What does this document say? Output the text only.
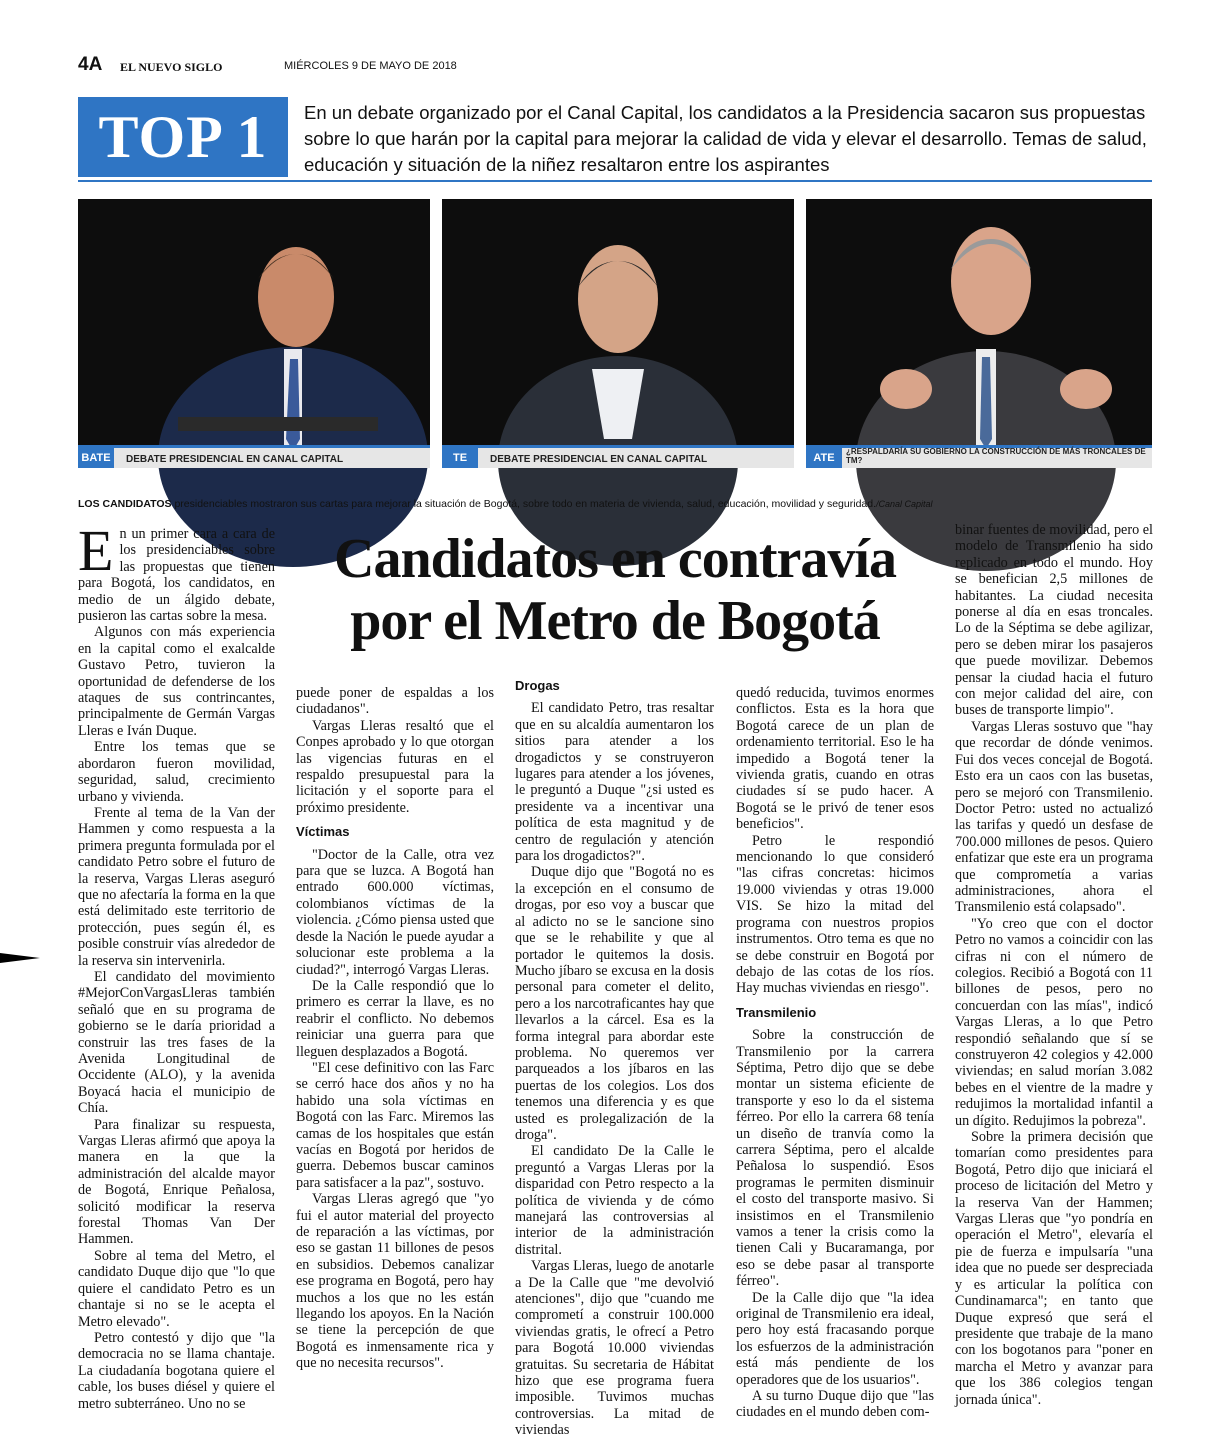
4A EL NUEVO SIGLO	MIÉRCOLES 9 DE MAYO DE 2018
TOP 1	En un debate organizado por el Canal Capital, los candidatos a la Presidencia sacaron sus propuestas sobre lo que harán por la capital para mejorar la calidad de vida y elevar el desarrollo. Temas de salud, educación y situación de la niñez resaltaron entre los aspirantes
BATE CAPITAL
DEBATE PRESIDENCIAL EN CANAL CAPITAL	TE PITAL
DEBATE PRESIDENCIAL EN CANAL CAPITAL	ATE APITAL
¿RESPALDARÍA SU GOBIERNO LA CONSTRUCCIÓN DE MÁS TRONCALES DE TM?
LOS CANDIDATOS presidenciables mostraron sus cartas para mejorar la situación de Bogotá, sobre todo en materia de vivienda, salud, educación, movilidad y seguridad./Canal Capital
Candidatos en contravía por el Metro de Bogotá

En un primer cara a cara de los presidenciables sobre las propuestas que tienen para Bogotá, los candidatos, en medio de un álgido debate, pusieron las cartas sobre la mesa.

Algunos con más experiencia en la capital como el exalcalde Gustavo Petro, tuvieron la oportunidad de defenderse de los ataques de sus contrincantes, principalmente de Germán Vargas Lleras e Iván Duque.

Entre los temas que se abordaron fueron movilidad, seguridad, salud, crecimiento urbano y vivienda.

Frente al tema de la Van der Hammen y como respuesta a la primera pregunta formulada por el candidato Petro sobre el futuro de la reserva, Vargas Lleras aseguró que no afectaría la forma en la que está delimitado este territorio de protección, pues según él, es posible construir vías alrededor de la reserva sin intervenirla.

El candidato del movimiento #MejorConVargasLleras también señaló que en su programa de gobierno se le daría prioridad a construir las tres fases de la Avenida Longitudinal de Occidente (ALO), y la avenida Boyacá hacia el municipio de Chía.

Para finalizar su respuesta, Vargas Lleras afirmó que apoya la manera en la que la administración del alcalde mayor de Bogotá, Enrique Peñalosa, solicitó modificar la reserva forestal Thomas Van Der Hammen.

Sobre al tema del Metro, el candidato Duque dijo que "lo que quiere el candidato Petro es un chantaje si no se le acepta el Metro elevado".

Petro contestó y dijo que "la democracia no se llama chantaje. La ciudadanía bogotana quiere el cable, los buses diésel y quiere el metro subterráneo. Uno no se

puede poner de espaldas a los ciudadanos".

Vargas Lleras resaltó que el Conpes aprobado y lo que otorgan las vigencias futuras en el respaldo presupuestal para la licitación y el soporte para el próximo presidente.

Víctimas

"Doctor de la Calle, otra vez para que se luzca. A Bogotá han entrado 600.000 víctimas, colombianos víctimas de la violencia. ¿Cómo piensa usted que desde la Nación le puede ayudar a solucionar este problema a la ciudad?", interrogó Vargas Lleras.

De la Calle respondió que lo primero es cerrar la llave, es no reabrir el conflicto. No debemos reiniciar una guerra para que lleguen desplazados a Bogotá.

"El cese definitivo con las Farc se cerró hace dos años y no ha habido una sola víctimas en Bogotá con las Farc. Miremos las camas de los hospitales que están vacías en Bogotá por heridos de guerra. Debemos buscar caminos para satisfacer a la paz", sostuvo.

Vargas Lleras agregó que "yo fui el autor material del proyecto de reparación a las víctimas, por eso se gastan 11 billones de pesos en subsidios. Debemos canalizar ese programa en Bogotá, pero hay muchos a los que no les están llegando los apoyos. En la Nación se tiene la percepción de que Bogotá es inmensamente rica y que no necesita recursos".

Drogas

El candidato Petro, tras resaltar que en su alcaldía aumentaron los sitios para atender a los drogadictos y se construyeron lugares para atender a los jóvenes, le preguntó a Duque "¿si usted es presidente va a incentivar una política de esta magnitud y de centro de regulación y atención para los drogadictos?".

Duque dijo que "Bogotá no es la excepción en el consumo de drogas, por eso voy a buscar que al adicto no se le sancione sino que se le rehabilite y que al portador le quitemos la dosis. Mucho jíbaro se excusa en la dosis personal para cometer el delito, pero a los narcotraficantes hay que llevarlos a la cárcel. Esa es la forma integral para abordar este problema. No queremos ver parqueados a los jíbaros en las puertas de los colegios. Los dos tenemos una diferencia y es que usted es prolegalización de la droga".

El candidato De la Calle le preguntó a Vargas Lleras por la disparidad con Petro respecto a la política de vivienda y de cómo manejará las controversias al interior de la administración distrital.

Vargas Lleras, luego de anotarle a De la Calle que "me devolvió atenciones", dijo que "cuando me comprometí a construir 100.000 viviendas gratis, le ofrecí a Petro para Bogotá 10.000 viviendas gratuitas. Su secretaria de Hábitat hizo que ese programa fuera imposible. Tuvimos muchas controversias. La mitad de viviendas

quedó reducida, tuvimos enormes conflictos. Esta es la hora que Bogotá carece de un plan de ordenamiento territorial. Eso le ha impedido a Bogotá tener la vivienda gratis, cuando en otras ciudades sí se pudo hacer. A Bogotá se le privó de tener esos beneficios".

Petro le respondió mencionando lo que consideró "las cifras concretas: hicimos 19.000 viviendas y otras 19.000 VIS. Se hizo la mitad del programa con nuestros propios instrumentos. Otro tema es que no se debe construir en Bogotá por debajo de las cotas de los ríos. Hay muchas viviendas en riesgo".

Transmilenio

Sobre la construcción de Transmilenio por la carrera Séptima, Petro dijo que se debe montar un sistema eficiente de transporte y eso lo da el sistema férreo. Por ello la carrera 68 tenía un diseño de tranvía como la carrera Séptima, pero el alcalde Peñalosa lo suspendió. Esos programas le permiten disminuir el costo del transporte masivo. Si insistimos en el Transmilenio vamos a tener la crisis como la tienen Cali y Bucaramanga, por eso se debe pasar al transporte férreo".

De la Calle dijo que "la idea original de Transmilenio era ideal, pero hoy está fracasando porque los esfuerzos de la administración está más pendiente de los operadores que de los usuarios".

A su turno Duque dijo que "las ciudades en el mundo deben com-

binar fuentes de movilidad, pero el modelo de Transmilenio ha sido replicado en todo el mundo. Hoy se benefician 2,5 millones de habitantes. La ciudad necesita ponerse al día en esas troncales. Lo de la Séptima se debe agilizar, pero se deben mirar los pasajeros que puede movilizar. Debemos pensar la ciudad hacia el futuro con mejor calidad del aire, con buses de transporte limpio".

Vargas Lleras sostuvo que "hay que recordar de dónde venimos. Fui dos veces concejal de Bogotá. Esto era un caos con las busetas, pero se mejoró con Transmilenio. Doctor Petro: usted no actualizó las tarifas y quedó un desfase de 700.000 millones de pesos. Quiero enfatizar que este era un programa que comprometía a varias administraciones, ahora el Transmilenio está colapsado".

"Yo creo que con el doctor Petro no vamos a coincidir con las cifras ni con el número de colegios. Recibió a Bogotá con 11 billones de pesos, pero no concuerdan con las mías", indicó Vargas Lleras, a lo que Petro respondió señalando que sí se construyeron 42 colegios y 42.000 viviendas; en salud morían 3.082 bebes en el vientre de la madre y redujimos la mortalidad infantil a un dígito. Redujimos la pobreza".

Sobre la primera decisión que tomarían como presidentes para Bogotá, Petro dijo que iniciará el proceso de licitación del Metro y la reserva Van der Hammen; Vargas Lleras que "yo pondría en operación el Metro", elevaría el pie de fuerza e impulsaría "una idea que no puede ser despreciada y es articular la política con Cundinamarca"; en tanto que Duque expresó que será el presidente que trabaje de la mano con los bogotanos para "poner en marcha el Metro y avanzar para que los 386 colegios tengan jornada única".
